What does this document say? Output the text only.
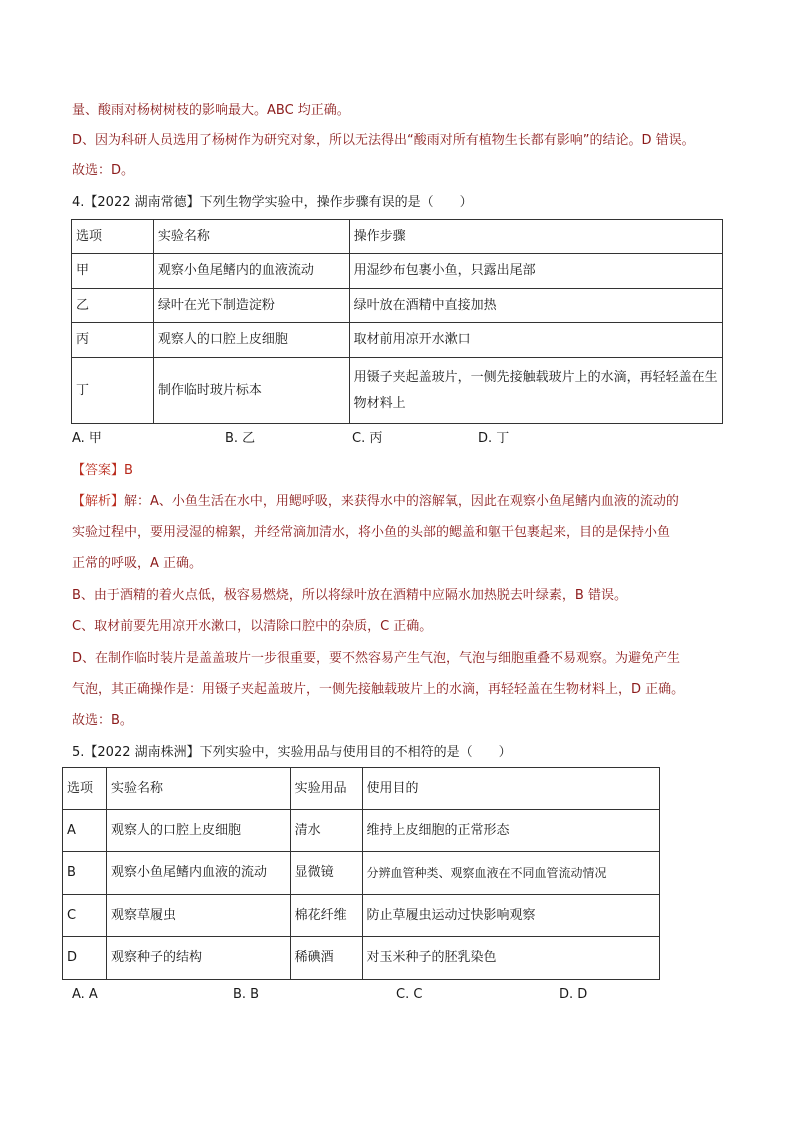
量、酸雨对杨树树枝的影响最大。ABC 均正确。
D、因为科研人员选用了杨树作为研究对象，所以无法得出“酸雨对所有植物生长都有影响”的结论。D 错误。
故选：D。
4.【2022 湖南常德】下列生物学实验中，操作步骤有误的是（　　）
选项	实验名称	操作步骤
甲	观察小鱼尾鳍内的血液流动	用湿纱布包裹小鱼，只露出尾部
乙	绿叶在光下制造淀粉	绿叶放在酒精中直接加热
丙	观察人的口腔上皮细胞	取材前用凉开水漱口
丁	制作临时玻片标本	用镊子夹起盖玻片，一侧先接触载玻片上的水滴，再轻轻盖在生物材料上
A. 甲	B. 乙	C. 丙	D. 丁
【答案】B
【解析】解：A、小鱼生活在水中，用鳃呼吸，来获得水中的溶解氧，因此在观察小鱼尾鳍内血液的流动的
实验过程中，要用浸湿的棉絮，并经常滴加清水，将小鱼的头部的鳃盖和躯干包裹起来，目的是保持小鱼
正常的呼吸，A 正确。
B、由于酒精的着火点低，极容易燃烧，所以将绿叶放在酒精中应隔水加热脱去叶绿素，B 错误。
C、取材前要先用凉开水漱口，以清除口腔中的杂质，C 正确。
D、在制作临时装片是盖盖玻片一步很重要，要不然容易产生气泡，气泡与细胞重叠不易观察。为避免产生
气泡，其正确操作是：用镊子夹起盖玻片，一侧先接触载玻片上的水滴，再轻轻盖在生物材料上，D 正确。
故选：B。
5.【2022 湖南株洲】下列实验中，实验用品与使用目的不相符的是（　　）
选项	实验名称	实验用品	使用目的
A	观察人的口腔上皮细胞	清水	维持上皮细胞的正常形态
B	观察小鱼尾鳍内血液的流动	显微镜	分辨血管种类、观察血液在不同血管流动情况
C	观察草履虫	棉花纤维	防止草履虫运动过快影响观察
D	观察种子的结构	稀碘酒	对玉米种子的胚乳染色
A. A	B. B	C. C	D. D
